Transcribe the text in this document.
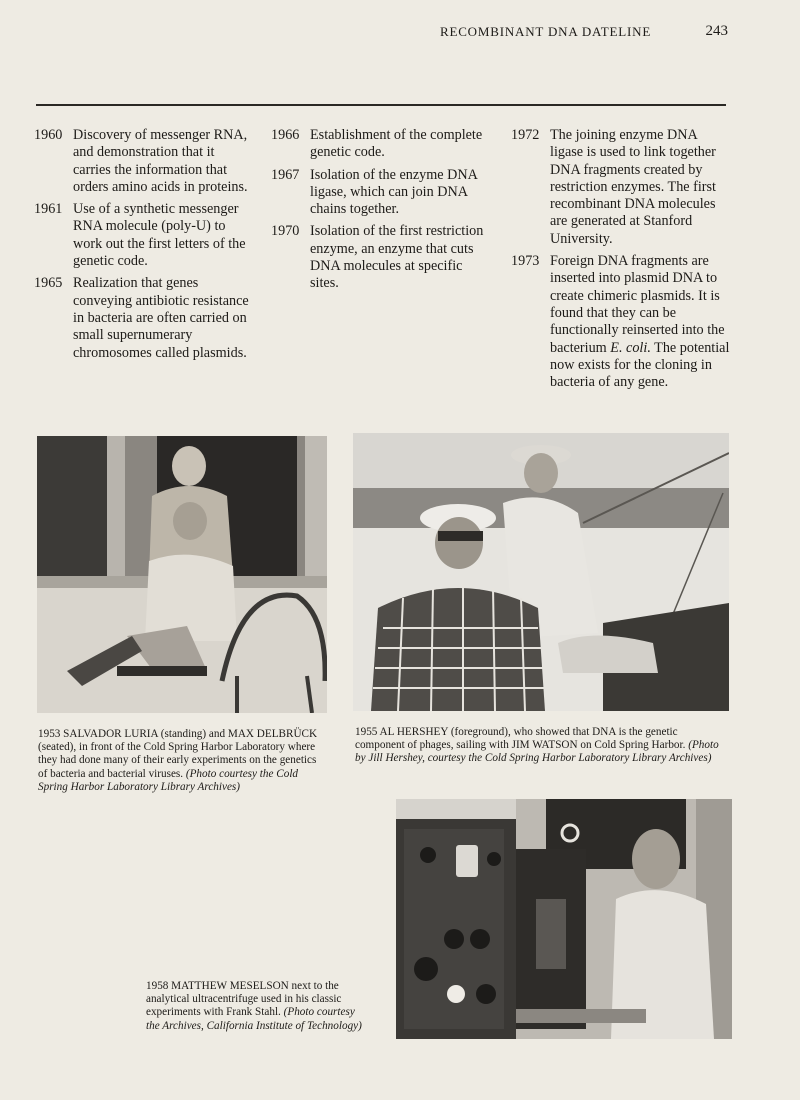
RECOMBINANT DNA DATELINE	243
1960 Discovery of messenger RNA, and demonstration that it carries the information that orders amino acids in proteins.
1961 Use of a synthetic messenger RNA molecule (poly-U) to work out the first letters of the genetic code.
1965 Realization that genes conveying antibiotic resistance in bacteria are often carried on small supernumerary chromosomes called plasmids.
1966 Establishment of the complete genetic code.
1967 Isolation of the enzyme DNA ligase, which can join DNA chains together.
1970 Isolation of the first restriction enzyme, an enzyme that cuts DNA molecules at specific sites.
1972 The joining enzyme DNA ligase is used to link together DNA fragments created by restriction enzymes. The first recombinant DNA molecules are generated at Stanford University.
1973 Foreign DNA fragments are inserted into plasmid DNA to create chimeric plasmids. It is found that they can be functionally reinserted into the bacterium E. coli. The potential now exists for the cloning in bacteria of any gene.
1953 SALVADOR LURIA (standing) and MAX DELBRÜCK (seated), in front of the Cold Spring Harbor Laboratory where they had done many of their early experiments on the genetics of bacteria and bacterial viruses. (Photo courtesy the Cold Spring Harbor Laboratory Library Archives)
1955 AL HERSHEY (foreground), who showed that DNA is the genetic component of phages, sailing with JIM WATSON on Cold Spring Harbor. (Photo by Jill Hershey, courtesy the Cold Spring Harbor Laboratory Library Archives)
1958 MATTHEW MESELSON next to the analytical ultracentrifuge used in his classic experiments with Frank Stahl. (Photo courtesy the Archives, California Institute of Technology)
